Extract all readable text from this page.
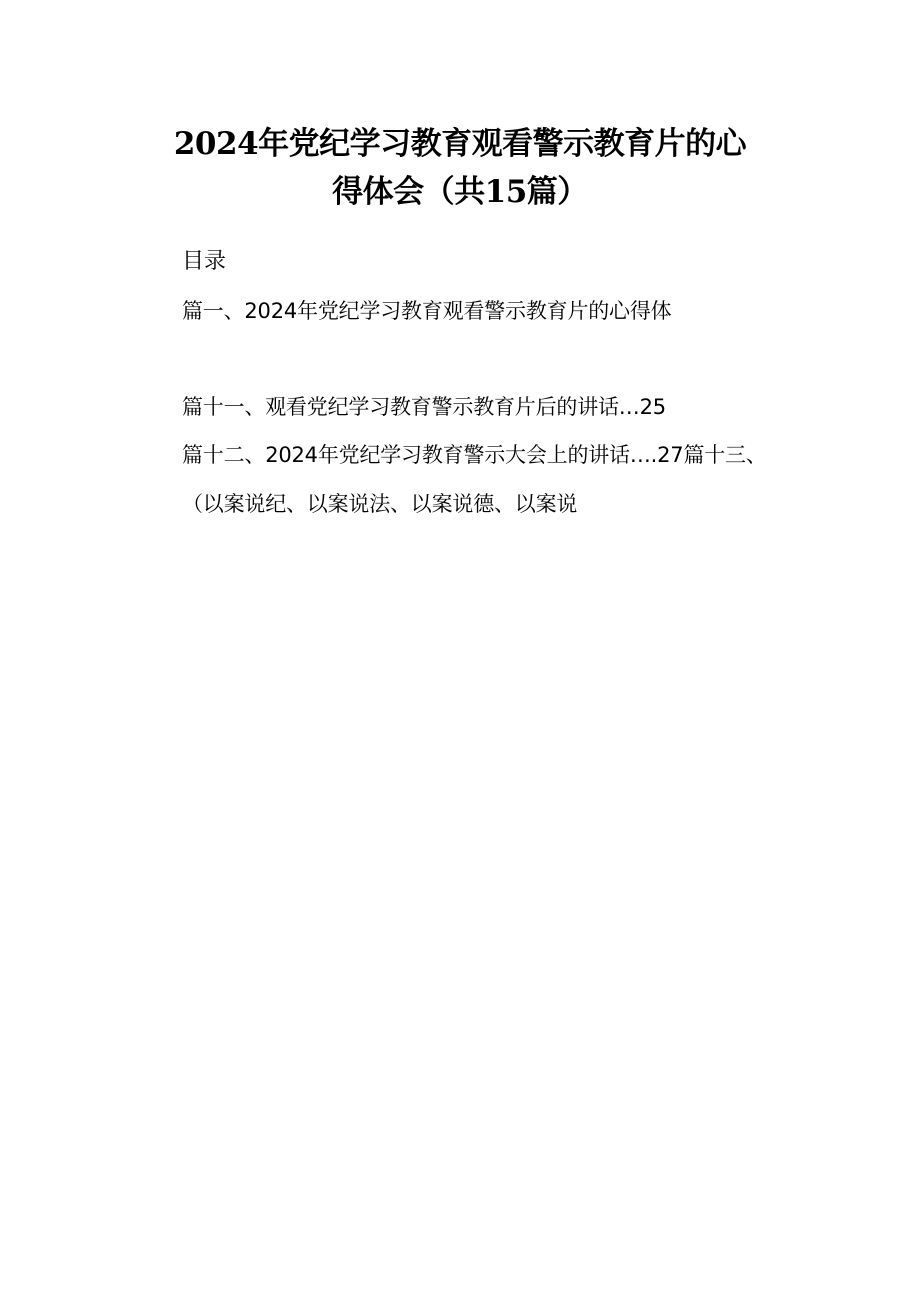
2024年党纪学习教育观看警示教育片的心
得体会（共15篇）
目录
篇一、2024年党纪学习教育观看警示教育片的心得体
篇十一、观看党纪学习教育警示教育片后的讲话…25
篇十二、2024年党纪学习教育警示大会上的讲话….27篇十三、
（以案说纪、以案说法、以案说德、以案说
